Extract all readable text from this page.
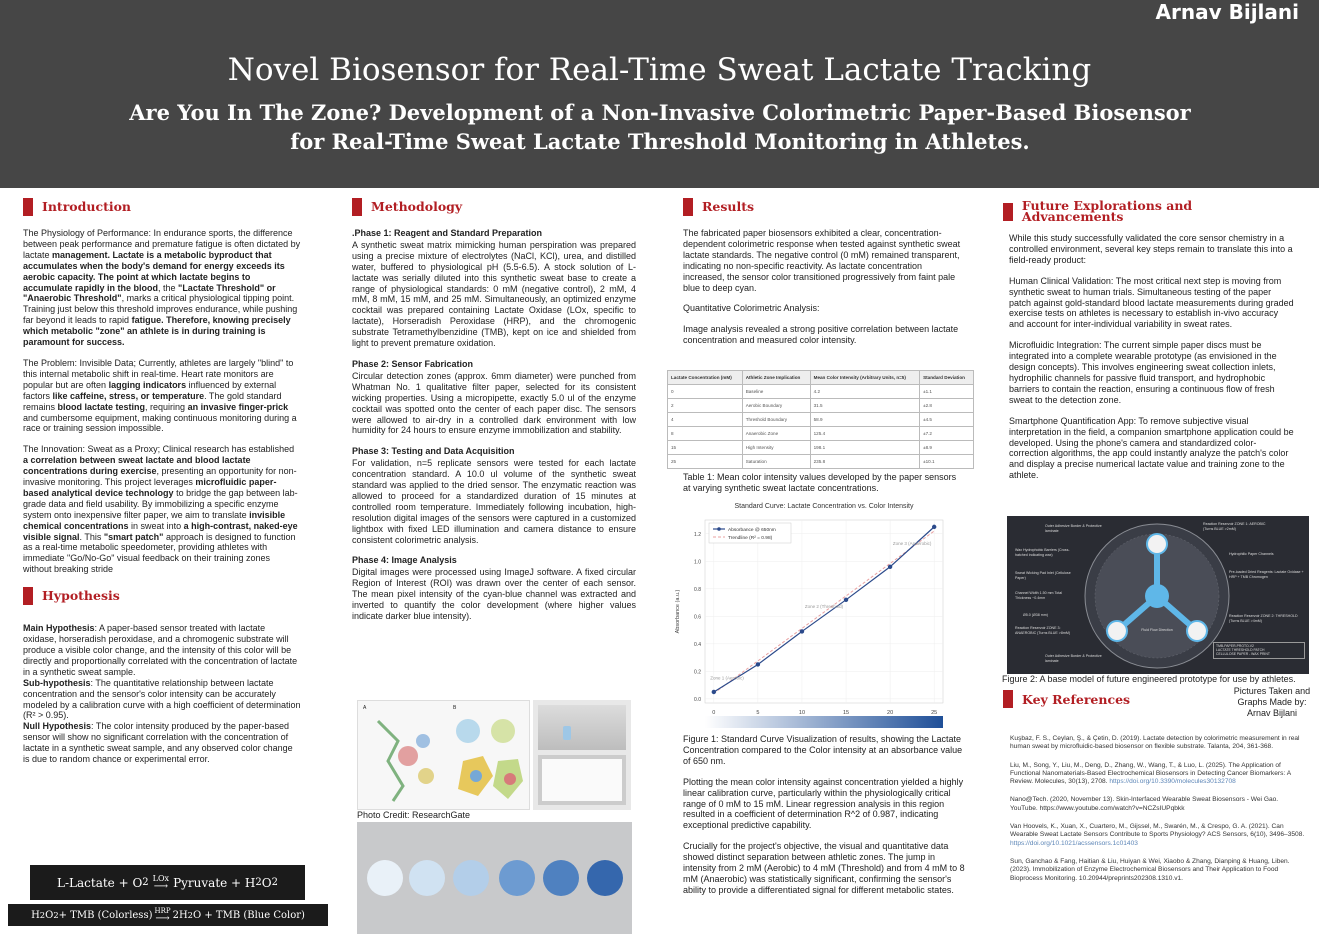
Arnav Bijlani
Novel Biosensor for Real-Time Sweat Lactate Tracking
Are You In The Zone? Development of a Non-Invasive Colorimetric Paper-Based Biosensor for Real-Time Sweat Lactate Threshold Monitoring in Athletes.
Introduction

The Physiology of Performance: In endurance sports, the difference between peak performance and premature fatigue is often dictated by lactate management. Lactate is a metabolic byproduct that accumulates when the body's demand for energy exceeds its aerobic capacity. The point at which lactate begins to accumulate rapidly in the blood, the "Lactate Threshold" or "Anaerobic Threshold", marks a critical physiological tipping point. Training just below this threshold improves endurance, while pushing far beyond it leads to rapid fatigue. Therefore, knowing precisely which metabolic "zone" an athlete is in during training is paramount for success.

The Problem: Invisible Data; Currently, athletes are largely "blind" to this internal metabolic shift in real-time. Heart rate monitors are popular but are often lagging indicators influenced by external factors like caffeine, stress, or temperature. The gold standard remains blood lactate testing, requiring an invasive finger-prick and cumbersome equipment, making continuous monitoring during a race or training session impossible.

The Innovation: Sweat as a Proxy; Clinical research has established a correlation between sweat lactate and blood lactate concentrations during exercise, presenting an opportunity for non-invasive monitoring. This project leverages microfluidic paper-based analytical device technology to bridge the gap between lab-grade data and field usability. By immobilizing a specific enzyme system onto inexpensive filter paper, we aim to translate invisible chemical concentrations in sweat into a high-contrast, naked-eye visible signal. This "smart patch" approach is designed to function as a real-time metabolic speedometer, providing athletes with immediate "Go/No-Go" visual feedback on their training zones without breaking stride

Hypothesis
Main Hypothesis: A paper-based sensor treated with lactate oxidase, horseradish peroxidase, and a chromogenic substrate will produce a visible color change, and the intensity of this color will be directly and proportionally correlated with the concentration of lactate in a synthetic sweat sample.
Sub-hypothesis: The quantitative relationship between lactate concentration and the sensor's color intensity can be accurately modeled by a calibration curve with a high coefficient of determination (R² > 0.95).
Null Hypothesis: The color intensity produced by the paper-based sensor will show no significant correlation with the concentration of lactate in a synthetic sweat sample, and any observed color change is due to random chance or experimental error.
L-Lactate + O 2 LOx
⟶ Pyruvate + H 2 O 2
H 2 O 2 + TMB (Colorless) HRP
⟶ 2H 2 O + TMB (Blue Color)
Methodology
.Phase 1: Reagent and Standard Preparation

A synthetic sweat matrix mimicking human perspiration was prepared using a precise mixture of electrolytes (NaCl, KCl), urea, and distilled water, buffered to physiological pH (5.5-6.5). A stock solution of L-lactate was serially diluted into this synthetic sweat base to create a range of physiological standards: 0 mM (negative control), 2 mM, 4 mM, 8 mM, 15 mM, and 25 mM. Simultaneously, an optimized enzyme cocktail was prepared containing Lactate Oxidase (LOx, specific to lactate), Horseradish Peroxidase (HRP), and the chromogenic substrate Tetramethylbenzidine (TMB), kept on ice and shielded from light to prevent premature oxidation.

Phase 2: Sensor Fabrication

Circular detection zones (approx. 6mm diameter) were punched from Whatman No. 1 qualitative filter paper, selected for its consistent wicking properties. Using a micropipette, exactly 5.0 ul of the enzyme cocktail was spotted onto the center of each paper disc. The sensors were allowed to air-dry in a controlled dark environment with low humidity for 24 hours to ensure enzyme immobilization and stability.

Phase 3: Testing and Data Acquisition

For validation, n=5 replicate sensors were tested for each lactate concentration standard. A 10.0 ul volume of the synthetic sweat standard was applied to the dried sensor. The enzymatic reaction was allowed to proceed for a standardized duration of 15 minutes at controlled room temperature. Immediately following incubation, high-resolution digital images of the sensors were captured in a customized lightbox with fixed LED illumination and camera distance to ensure consistent colorimetric analysis.

Phase 4: Image Analysis

Digital images were processed using ImageJ software. A fixed circular Region of Interest (ROI) was drawn over the center of each sensor. The mean pixel intensity of the cyan-blue channel was extracted and inverted to quantify the color development (where higher values indicate darker blue intensity).

A	B
Photo Credit: ResearchGate
Results

The fabricated paper biosensors exhibited a clear, concentration-dependent colorimetric response when tested against synthetic sweat lactate standards. The negative control (0 mM) remained transparent, indicating no non-specific reactivity. As lactate concentration increased, the sensor color transitioned progressively from faint pale blue to deep cyan.

Quantitative Colorimetric Analysis:

Image analysis revealed a strong positive correlation between lactate concentration and measured color intensity.

Lactate Concentration (mM)	Athletic Zone Implication	Mean Color Intensity (Arbitrary Units, n=5)	Standard Deviation
0	Baseline	4.2	±1.1
2	Aerobic Boundary	31.5	±2.8
4	Threshold Boundary	58.9	±4.5
8	Anaerobic Zone	125.4	±7.2
15	High Intensity	198.1	±8.9
25	Saturation	235.8	±10.1
Table 1: Mean color intensity values developed by the paper sensors at varying synthetic sweat lactate concentrations.
Standard Curve: Lactate Concentration vs. Color Intensity
0.0
0.2
0.4
0.6
0.8
1.0
1.2
0	5	10	15	20	25
Absorbance (a.u.)
Zone 1 (Aerobic)
Zone 2 (Threshold)
Zone 3 (Anaerobic)
Absorbance @ 650nm
Trendline (R² = 0.98)

Figure 1: Standard Curve Visualization of results, showing the Lactate Concentration compared to the Color intensity at an absorbance value of 650 nm.

Plotting the mean color intensity against concentration yielded a highly linear calibration curve, particularly within the physiologically critical range of 0 mM to 15 mM. Linear regression analysis in this region resulted in a coefficient of determination R^2 of 0.987, indicating exceptional predictive capability.

Crucially for the project's objective, the visual and quantitative data showed distinct separation between athletic zones. The jump in intensity from 2 mM (Aerobic) to 4 mM (Threshold) and from 4 mM to 8 mM (Anaerobic) was statistically significant, confirming the sensor's ability to provide a differentiated signal for different metabolic states.

Future Explorations and Advancements

While this study successfully validated the core sensor chemistry in a controlled environment, several key steps remain to translate this into a field-ready product:

Human Clinical Validation: The most critical next step is moving from synthetic sweat to human trials. Simultaneous testing of the paper patch against gold-standard blood lactate measurements during graded exercise tests on athletes is necessary to establish in-vivo accuracy and account for inter-individual variability in sweat rates.

Microfluidic Integration: The current simple paper discs must be integrated into a complete wearable prototype (as envisioned in the design concepts). This involves engineering sweat collection inlets, hydrophilic channels for passive fluid transport, and hydrophobic barriers to contain the reaction, ensuring a continuous flow of fresh sweat to the detection zone.

Smartphone Quantification App: To remove subjective visual interpretation in the field, a companion smartphone application could be developed. Using the phone's camera and standardized color-correction algorithms, the app could instantly analyze the patch's color and display a precise numerical lactate value and training zone to the athlete.

Outer Adhesive Border & Protective laminate
Reaction Reservoir ZONE 1: AEROBIC (Turns BLUE >2mM)
Wax Hydrophobic Barriers (Cross-hatched indicating wax)	Hydrophilic Paper Channels
Sweat Wicking Pad Inlet (Cellulose Paper)
Pre-loaded Dried Reagents: Lactate Oxidase + HRP + TMB Chromogen
Channel Width 1.50 mm Total Thickness ~0.4mm
Ø5.0 (Ø38 mm)
Reaction Reservoir ZONE 3: ANAEROBIC (Turns BLUE >8mM)
Fluid Flow Direction
Reaction Reservoir ZONE 2: THRESHOLD (Turns BLUE >4mM)
Outer Adhesive Border & Protective laminate
TMB-PAPER-PROTO-V2
LACTATE THRESHOLD PATCH
CELLULOSE PAPER - WAX PRINT
Figure 2: A base model of future engineered prototype for use by athletes.
Pictures Taken and Graphs Made by: Arnav Bijlani
Key References
Kuşbaz, F. S., Ceylan, Ş., & Çetin, D. (2019). Lactate detection by colorimetric measurement in real human sweat by microfluidic-based biosensor on flexible substrate. Talanta, 204, 361-368.
Liu, M., Song, Y., Liu, M., Deng, D., Zhang, W., Wang, T., & Luo, L. (2025). The Application of Functional Nanomaterials-Based Electrochemical Biosensors in Detecting Cancer Biomarkers: A Review. Molecules, 30(13), 2708. https://doi.org/10.3390/molecules30132708
Nano@Tech. (2020, November 13). Skin-Interfaced Wearable Sweat Biosensors - Wei Gao. YouTube. https://www.youtube.com/watch?v=NCZsIUPqbkk
Van Hoovels, K., Xuan, X., Cuartero, M., Gijssel, M., Swarén, M., & Crespo, G. A. (2021). Can Wearable Sweat Lactate Sensors Contribute to Sports Physiology? ACS Sensors, 6(10), 3496–3508. https://doi.org/10.1021/acssensors.1c01403
Sun, Ganchao & Fang, Haitian & Liu, Huiyan & Wei, Xiaobo & Zhang, Dianping & Huang, Liben. (2023). Immobilization of Enzyme Electrochemical Biosensors and Their Application to Food Bioprocess Monitoring. 10.20944/preprints202308.1310.v1.
